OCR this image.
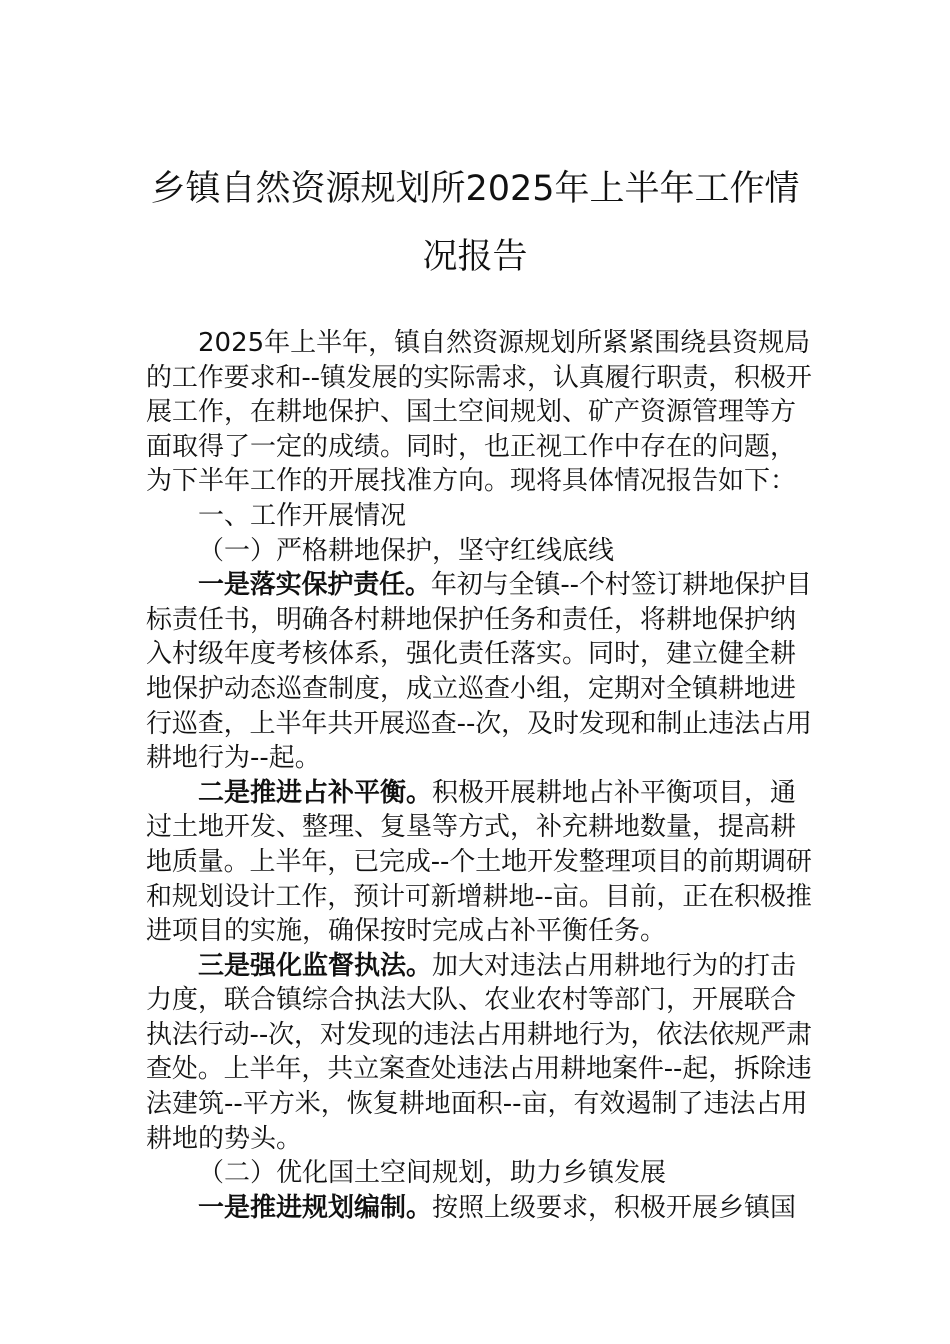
乡镇自然资源规划所2025年上半年工作情
况报告
2025年上半年，镇自然资源规划所紧紧围绕县资规局
的工作要求和--镇发展的实际需求，认真履行职责，积极开
展工作，在耕地保护、国土空间规划、矿产资源管理等方
面取得了一定的成绩。同时，也正视工作中存在的问题，
为下半年工作的开展找准方向。现将具体情况报告如下：
一、工作开展情况
（一）严格耕地保护，坚守红线底线
一是落实保护责任。年初与全镇--个村签订耕地保护目
标责任书，明确各村耕地保护任务和责任，将耕地保护纳
入村级年度考核体系，强化责任落实。同时，建立健全耕
地保护动态巡查制度，成立巡查小组，定期对全镇耕地进
行巡查，上半年共开展巡查--次，及时发现和制止违法占用
耕地行为--起。
二是推进占补平衡。积极开展耕地占补平衡项目，通
过土地开发、整理、复垦等方式，补充耕地数量，提高耕
地质量。上半年，已完成--个土地开发整理项目的前期调研
和规划设计工作，预计可新增耕地--亩。目前，正在积极推
进项目的实施，确保按时完成占补平衡任务。
三是强化监督执法。加大对违法占用耕地行为的打击
力度，联合镇综合执法大队、农业农村等部门，开展联合
执法行动--次，对发现的违法占用耕地行为，依法依规严肃
查处。上半年，共立案查处违法占用耕地案件--起，拆除违
法建筑--平方米，恢复耕地面积--亩，有效遏制了违法占用
耕地的势头。
（二）优化国土空间规划，助力乡镇发展
一是推进规划编制。按照上级要求，积极开展乡镇国
